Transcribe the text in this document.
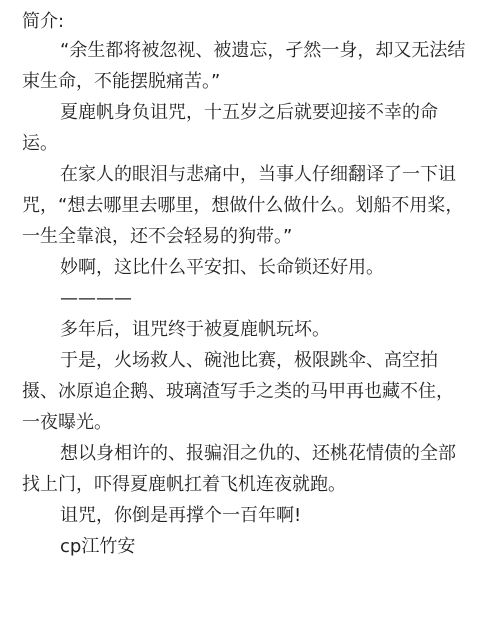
简介:
“余生都将被忽视、被遗忘，孑然一身，却又无法结
束生命，不能摆脱痛苦。”
夏鹿帆身负诅咒，十五岁之后就要迎接不幸的命
运。
在家人的眼泪与悲痛中，当事人仔细翻译了一下诅
咒，“想去哪里去哪里，想做什么做什么。划船不用桨，
一生全靠浪，还不会轻易的狗带。”
妙啊，这比什么平安扣、长命锁还好用。
————
多年后，诅咒终于被夏鹿帆玩坏。
于是，火场救人、碗池比赛，极限跳伞、高空拍
摄、冰原追企鹅、玻璃渣写手之类的马甲再也藏不住，
一夜曝光。
想以身相许的、报骗泪之仇的、还桃花情债的全部
找上门，吓得夏鹿帆扛着飞机连夜就跑。
诅咒，你倒是再撑个一百年啊!
cp江竹安
